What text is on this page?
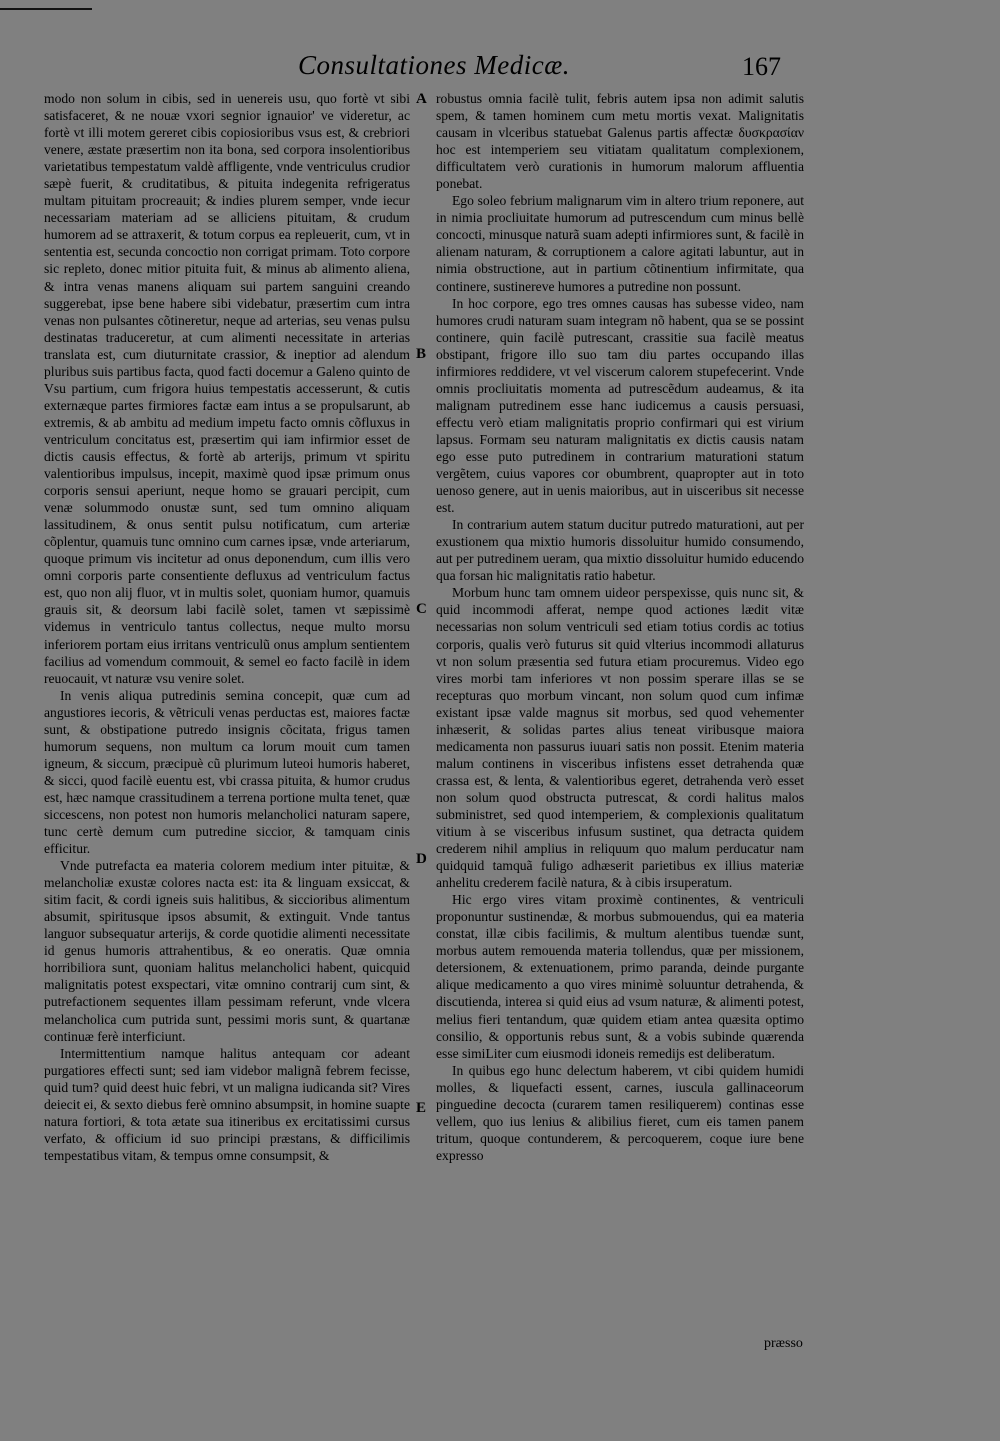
Consultationes Medicæ.	167

modo non solum in cibis, sed in uenereis usu, quo fortè vt sibi satisfaceret, & ne nouæ vxori segnior ignauior' ve videretur, ac fortè vt illi motem gereret cibis copiosioribus vsus est, & crebriori venere, æstate præsertim non ita bona, sed corpora insolentioribus varietatibus tempestatum valdè affligente, vnde ventriculus crudior sæpè fuerit, & cruditatibus, & pituita indegenita refrigeratus multam pituitam procreauit; & indies plurem semper, vnde iecur necessariam materiam ad se alliciens pituitam, & crudum humorem ad se attraxerit, & totum corpus ea repleuerit, cum, vt in sententia est, secunda concoctio non corrigat primam. Toto corpore sic repleto, donec mitior pituita fuit, & minus ab alimento aliena, & intra venas manens aliquam sui partem sanguini creando suggerebat, ipse bene habere sibi videbatur, præsertim cum intra venas non pulsantes cõtineretur, neque ad arterias, seu venas pulsu destinatas traduceretur, at cum alimenti necessitate in arterias translata est, cum diuturnitate crassior, & ineptior ad alendum pluribus suis partibus facta, quod facti docemur a Galeno quinto de Vsu partium, cum frigora huius tempestatis accesserunt, & cutis externæque partes firmiores factæ eam intus a se propulsarunt, ab extremis, & ab ambitu ad medium impetu facto omnis cõfluxus in ventriculum concitatus est, præsertim qui iam infirmior esset de dictis causis effectus, & fortè ab arterijs, primum vt spiritu valentioribus impulsus, incepit, maximè quod ipsæ primum onus corporis sensui aperiunt, neque homo se grauari percipit, cum venæ solummodo onustæ sunt, sed tum omnino aliquam lassitudinem, & onus sentit pulsu notificatum, cum arteriæ cõplentur, quamuis tunc omnino cum carnes ipsæ, vnde arteriarum, quoque primum vis incitetur ad onus deponendum, cum illis vero omni corporis parte consentiente defluxus ad ventriculum factus est, quo non alij fluor, vt in multis solet, quoniam humor, quamuis grauis sit, & deorsum labi facilè solet, tamen vt sæpissimè videmus in ventriculo tantus collectus, neque multo morsu inferiorem portam eius irritans ventriculũ onus amplum sentientem facilius ad vomendum commouit, & semel eo facto facilè in idem reuocauit, vt naturæ vsu venire solet.

In venis aliqua putredinis semina concepit, quæ cum ad angustiores iecoris, & vẽtriculi venas perductas est, maiores factæ sunt, & obstipatione putredo insignis cõcitata, frigus tamen humorum sequens, non multum ca lorum mouit cum tamen igneum, & siccum, præcipuè cũ plurimum luteoi humoris haberet, & sicci, quod facilè euentu est, vbi crassa pituita, & humor crudus est, hæc namque crassitudinem a terrena portione multa tenet, quæ siccescens, non potest non humoris melancholici naturam sapere, tunc certè demum cum putredine siccior, & tamquam cinis efficitur.

Vnde putrefacta ea materia colorem medium inter pituitæ, & melancholiæ exustæ colores nacta est: ita & linguam exsiccat, & sitim facit, & cordi igneis suis halitibus, & siccioribus alimentum absumit, spiritusque ipsos absumit, & extinguit. Vnde tantus languor subsequatur arterijs, & corde quotidie alimenti necessitate id genus humoris attrahentibus, & eo oneratis. Quæ omnia horribiliora sunt, quoniam halitus melancholici habent, quicquid malignitatis potest exspectari, vitæ omnino contrarij cum sint, & putrefactionem sequentes illam pessimam referunt, vnde vlcera melancholica cum putrida sunt, pessimi moris sunt, & quartanæ continuæ ferè interficiunt.

Intermittentium namque halitus antequam cor adeant purgatiores effecti sunt; sed iam videbor malignã febrem fecisse, quid tum? quid deest huic febri, vt un maligna iudicanda sit? Vires deiecit ei, & sexto diebus ferè omnino absumpsit, in homine suapte natura fortiori, & tota ætate sua itineribus ex ercitatissimi cursus verfato, & officium id suo principi præstans, & difficilimis tempestatibus vitam, & tempus omne consumpsit, &

A
B
C
D
E

robustus omnia facilè tulit, febris autem ipsa non adimit salutis spem, & tamen hominem cum metu mortis vexat. Malignitatis causam in vlceribus statuebat Galenus partis affectæ δυσκρασίαν hoc est intemperiem seu vitiatam qualitatum complexionem, difficultatem verò curationis in humorum malorum affluentia ponebat.

Ego soleo febrium malignarum vim in altero trium reponere, aut in nimia procliuitate humorum ad putrescendum cum minus bellè concocti, minusque naturã suam adepti infirmiores sunt, & facilè in alienam naturam, & corruptionem a calore agitati labuntur, aut in nimia obstructione, aut in partium cõtinentium infirmitate, qua continere, sustinereve humores a putredine non possunt.

In hoc corpore, ego tres omnes causas has subesse video, nam humores crudi naturam suam integram nõ habent, qua se se possint continere, quin facilè putrescant, crassitie sua facilè meatus obstipant, frigore illo suo tam diu partes occupando illas infirmiores reddidere, vt vel viscerum calorem stupefecerint. Vnde omnis procliuitatis momenta ad putrescẽdum audeamus, & ita malignam putredinem esse hanc iudicemus a causis persuasi, effectu verò etiam malignitatis proprio confirmari qui est virium lapsus. Formam seu naturam malignitatis ex dictis causis natam ego esse puto putredinem in contrarium maturationi statum vergẽtem, cuius vapores cor obumbrent, quapropter aut in toto uenoso genere, aut in uenis maioribus, aut in uisceribus sit necesse est.

In contrarium autem statum ducitur putredo maturationi, aut per exustionem qua mixtio humoris dissoluitur humido consumendo, aut per putredinem ueram, qua mixtio dissoluitur humido educendo qua forsan hic malignitatis ratio habetur.

Morbum hunc tam omnem uideor perspexisse, quis nunc sit, & quid incommodi afferat, nempe quod actiones lædit vitæ necessarias non solum ventriculi sed etiam totius cordis ac totius corporis, qualis verò futurus sit quid vlterius incommodi allaturus vt non solum præsentia sed futura etiam procuremus. Video ego vires morbi tam inferiores vt non possim sperare illas se se recepturas quo morbum vincant, non solum quod cum infimæ existant ipsæ valde magnus sit morbus, sed quod vehementer inhæserit, & solidas partes alius teneat viribusque maiora medicamenta non passurus iuuari satis non possit. Etenim materia malum continens in visceribus infistens esset detrahenda quæ crassa est, & lenta, & valentioribus egeret, detrahenda verò esset non solum quod obstructa putrescat, & cordi halitus malos subministret, sed quod intemperiem, & complexionis qualitatum vitium à se visceribus infusum sustinet, qua detracta quidem crederem nihil amplius in reliquum quo malum perducatur nam quidquid tamquã fuligo adhæserit parietibus ex illius materiæ anhelitu crederem facilè natura, & à cibis irsuperatum.

Hic ergo vires vitam proximè continentes, & ventriculi proponuntur sustinendæ, & morbus submouendus, qui ea materia constat, illæ cibis facilimis, & multum alentibus tuendæ sunt, morbus autem remouenda materia tollendus, quæ per missionem, detersionem, & extenuationem, primo paranda, deinde purgante alique medicamento a quo vires minimè soluuntur detrahenda, & discutienda, interea si quid eius ad vsum naturæ, & alimenti potest, melius fieri tentandum, quæ quidem etiam antea quæsita optimo consilio, & opportunis rebus sunt, & a vobis subinde quærenda esse simiLiter cum eiusmodi idoneis remedijs est deliberatum.

In quibus ego hunc delectum haberem, vt cibi quidem humidi molles, & liquefacti essent, carnes, iuscula gallinaceorum pinguedine decocta (curarem tamen resiliquerem) continas esse vellem, quo ius lenius & alibilius fieret, cum eis tamen panem tritum, quoque contunderem, & percoquerem, coque iure bene expresso

præsso
